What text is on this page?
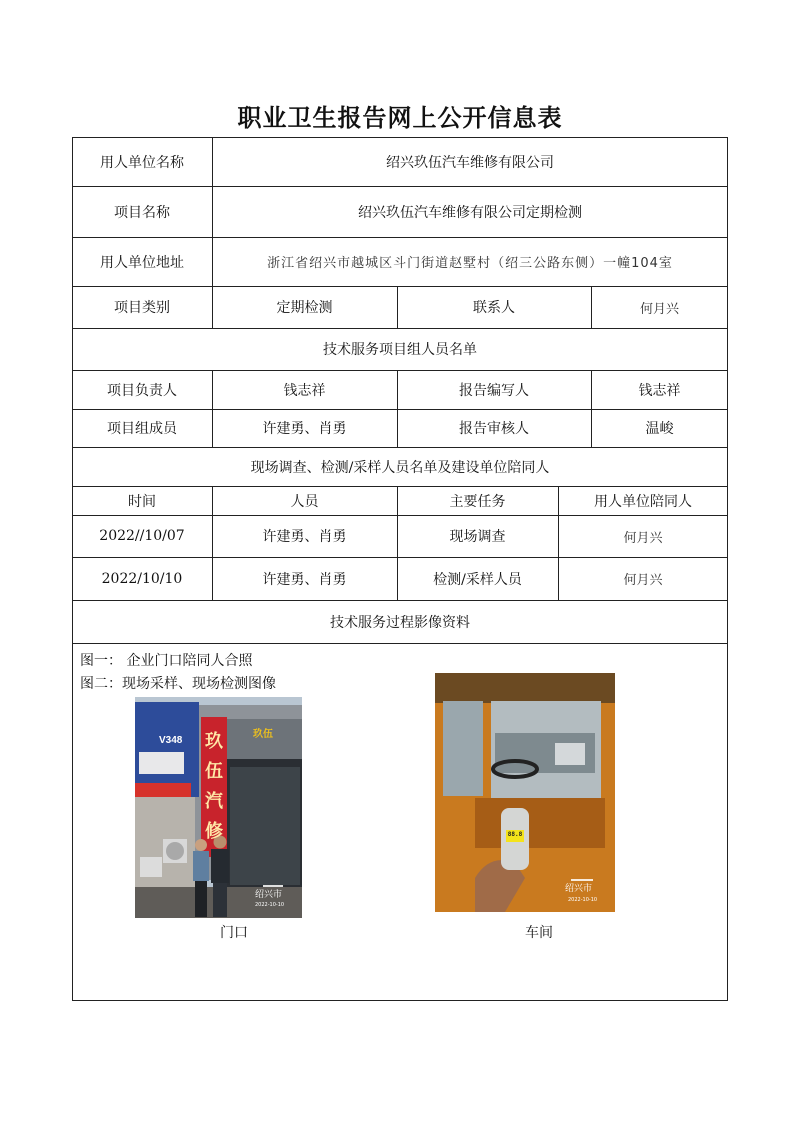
职业卫生报告网上公开信息表
用人单位名称	绍兴玖伍汽车维修有限公司
项目名称	绍兴玖伍汽车维修有限公司定期检测
用人单位地址	浙江省绍兴市越城区斗门街道赵墅村（绍三公路东侧）一幢104室
项目类别	定期检测	联系人	何月兴
技术服务项目组人员名单
项目负责人	钱志祥	报告编写人	钱志祥
项目组成员	许建勇、肖勇	报告审核人	温峻
现场调查、检测/采样人员名单及建设单位陪同人
时间	人员	主要任务	用人单位陪同人
2022//10/07	许建勇、肖勇	现场调查	何月兴
2022/10/10	许建勇、肖勇	检测/采样人员	何月兴
技术服务过程影像资料
图一： 企业门口陪同人合照
图二：现场采样、现场检测图像
V348
玖伍
玖伍汽修
绍兴市
2022-10-10
门口
88.8
绍兴市
2022-10-10
车间
